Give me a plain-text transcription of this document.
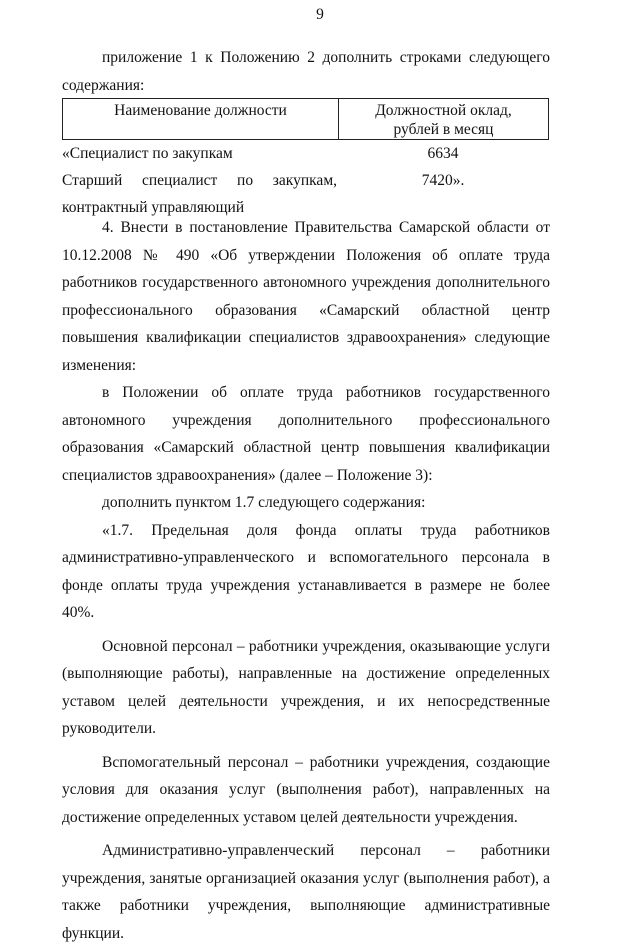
9

приложение 1 к Положению 2 дополнить строками следующего

содержания:

Наименование должности	Должностной оклад,
рублей в месяц
«Специалист по закупкам	6634
Старший специалист по закупкам,	7420».
контрактный управляющий

4. Внести в постановление Правительства Самарской области от 10.12.2008 № 490 «Об утверждении Положения об оплате труда работников государственного автономного учреждения дополнительного профессионального образования «Самарский областной центр повышения квалификации специалистов здравоохранения» следующие изменения:

в Положении об оплате труда работников государственного автономного учреждения дополнительного профессионального образования «Самарский областной центр повышения квалификации специалистов здравоохранения» (далее – Положение 3):

дополнить пунктом 1.7 следующего содержания:

«1.7. Предельная доля фонда оплаты труда работников административно-управленческого и вспомогательного персонала в фонде оплаты труда учреждения устанавливается в размере не более 40%.

Основной персонал – работники учреждения, оказывающие услуги (выполняющие работы), направленные на достижение определенных уставом целей деятельности учреждения, и их непосредственные руководители.

Вспомогательный персонал – работники учреждения, создающие условия для оказания услуг (выполнения работ), направленных на достижение определенных уставом целей деятельности учреждения.

Административно-управленческий персонал – работники учреждения, занятые организацией оказания услуг (выполнения работ), а также работники учреждения, выполняющие административные функции.
